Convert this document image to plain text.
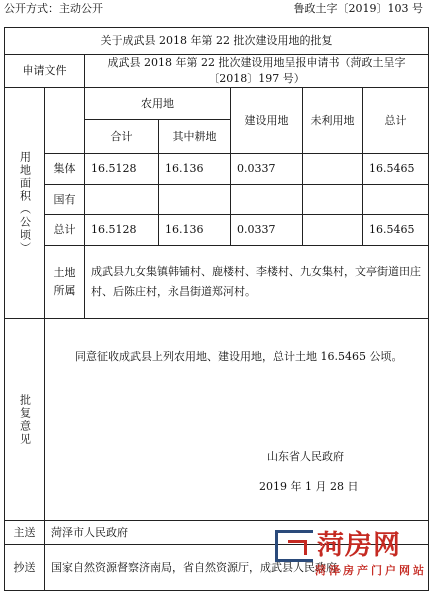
公开方式：主动公开	鲁政土字〔2019〕103 号
关于成武县 2018 年第 22 批次建设用地的批复						
申请文件		成武县 2018 年第 22 批次建设用地呈报申请书（菏政土呈字〔2018〕197 号）				

用地面积（公顷）		农用地		建设用地	未利用地	总计
		合计	其中耕地			
	集体	16.5128	16.136	0.0337		16.5465
	国有					
	总计	16.5128	16.136	0.0337		16.5465

	土地所属	成武县九女集镇韩铺村、鹿楼村、李楼村、九女集村，文亭街道田庄村、后陈庄村，永昌街道郑河村。				

批复意见	同意征收成武县上列农用地、建设用地，总计土地 16.5465 公顷。
山东省人民政府
2019 年 1 月 28 日					

主送	菏泽市人民政府					
抄送	国家自然资源督察济南局，省自然资源厅，成武县人民政府。					
菏房网
菏泽房产门户网站
